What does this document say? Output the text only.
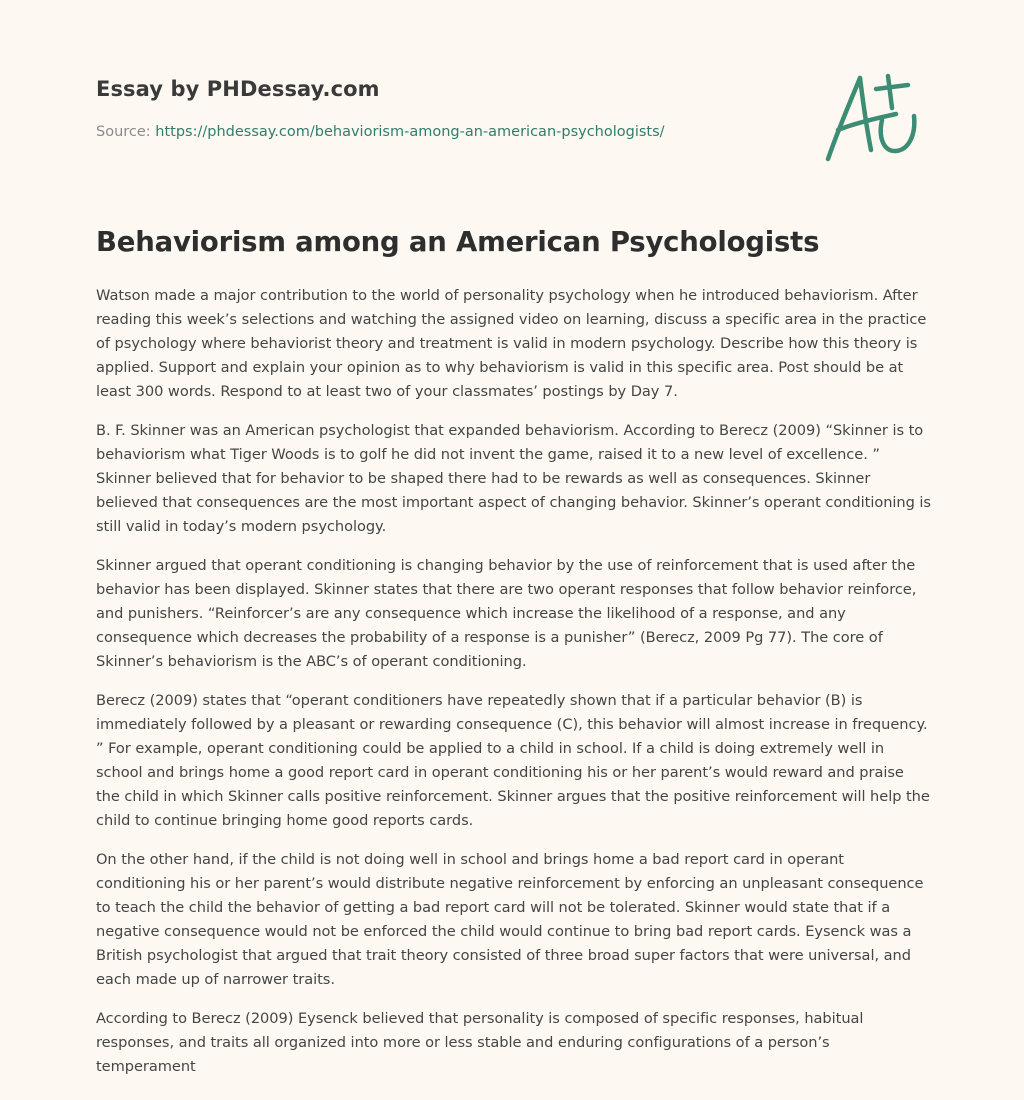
Essay by PHDessay.com
Source: https://phdessay.com/behaviorism-among-an-american-psychologists/
Behaviorism among an American Psychologists

Watson made a major contribution to the world of personality psychology when he introduced behaviorism. After reading this week’s selections and watching the assigned video on learning, discuss a specific area in the practice of psychology where behaviorist theory and treatment is valid in modern psychology. Describe how this theory is applied. Support and explain your opinion as to why behaviorism is valid in this specific area. Post should be at least 300 words. Respond to at least two of your classmates’ postings by Day 7.

B. F. Skinner was an American psychologist that expanded behaviorism. According to Berecz (2009) “Skinner is to behaviorism what Tiger Woods is to golf he did not invent the game, raised it to a new level of excellence. ” Skinner believed that for behavior to be shaped there had to be rewards as well as consequences. Skinner believed that consequences are the most important aspect of changing behavior. Skinner’s operant conditioning is still valid in today’s modern psychology.

Skinner argued that operant conditioning is changing behavior by the use of reinforcement that is used after the behavior has been displayed. Skinner states that there are two operant responses that follow behavior reinforce, and punishers. “Reinforcer’s are any consequence which increase the likelihood of a response, and any consequence which decreases the probability of a response is a punisher” (Berecz, 2009 Pg 77). The core of Skinner’s behaviorism is the ABC’s of operant conditioning.

Berecz (2009) states that “operant conditioners have repeatedly shown that if a particular behavior (B) is immediately followed by a pleasant or rewarding consequence (C), this behavior will almost increase in frequency. ” For example, operant conditioning could be applied to a child in school. If a child is doing extremely well in school and brings home a good report card in operant conditioning his or her parent’s would reward and praise the child in which Skinner calls positive reinforcement. Skinner argues that the positive reinforcement will help the child to continue bringing home good reports cards.

On the other hand, if the child is not doing well in school and brings home a bad report card in operant conditioning his or her parent’s would distribute negative reinforcement by enforcing an unpleasant consequence to teach the child the behavior of getting a bad report card will not be tolerated. Skinner would state that if a negative consequence would not be enforced the child would continue to bring bad report cards. Eysenck was a British psychologist that argued that trait theory consisted of three broad super factors that were universal, and each made up of narrower traits.

According to Berecz (2009) Eysenck believed that personality is composed of specific responses, habitual responses, and traits all organized into more or less stable and enduring configurations of a person’s temperament
